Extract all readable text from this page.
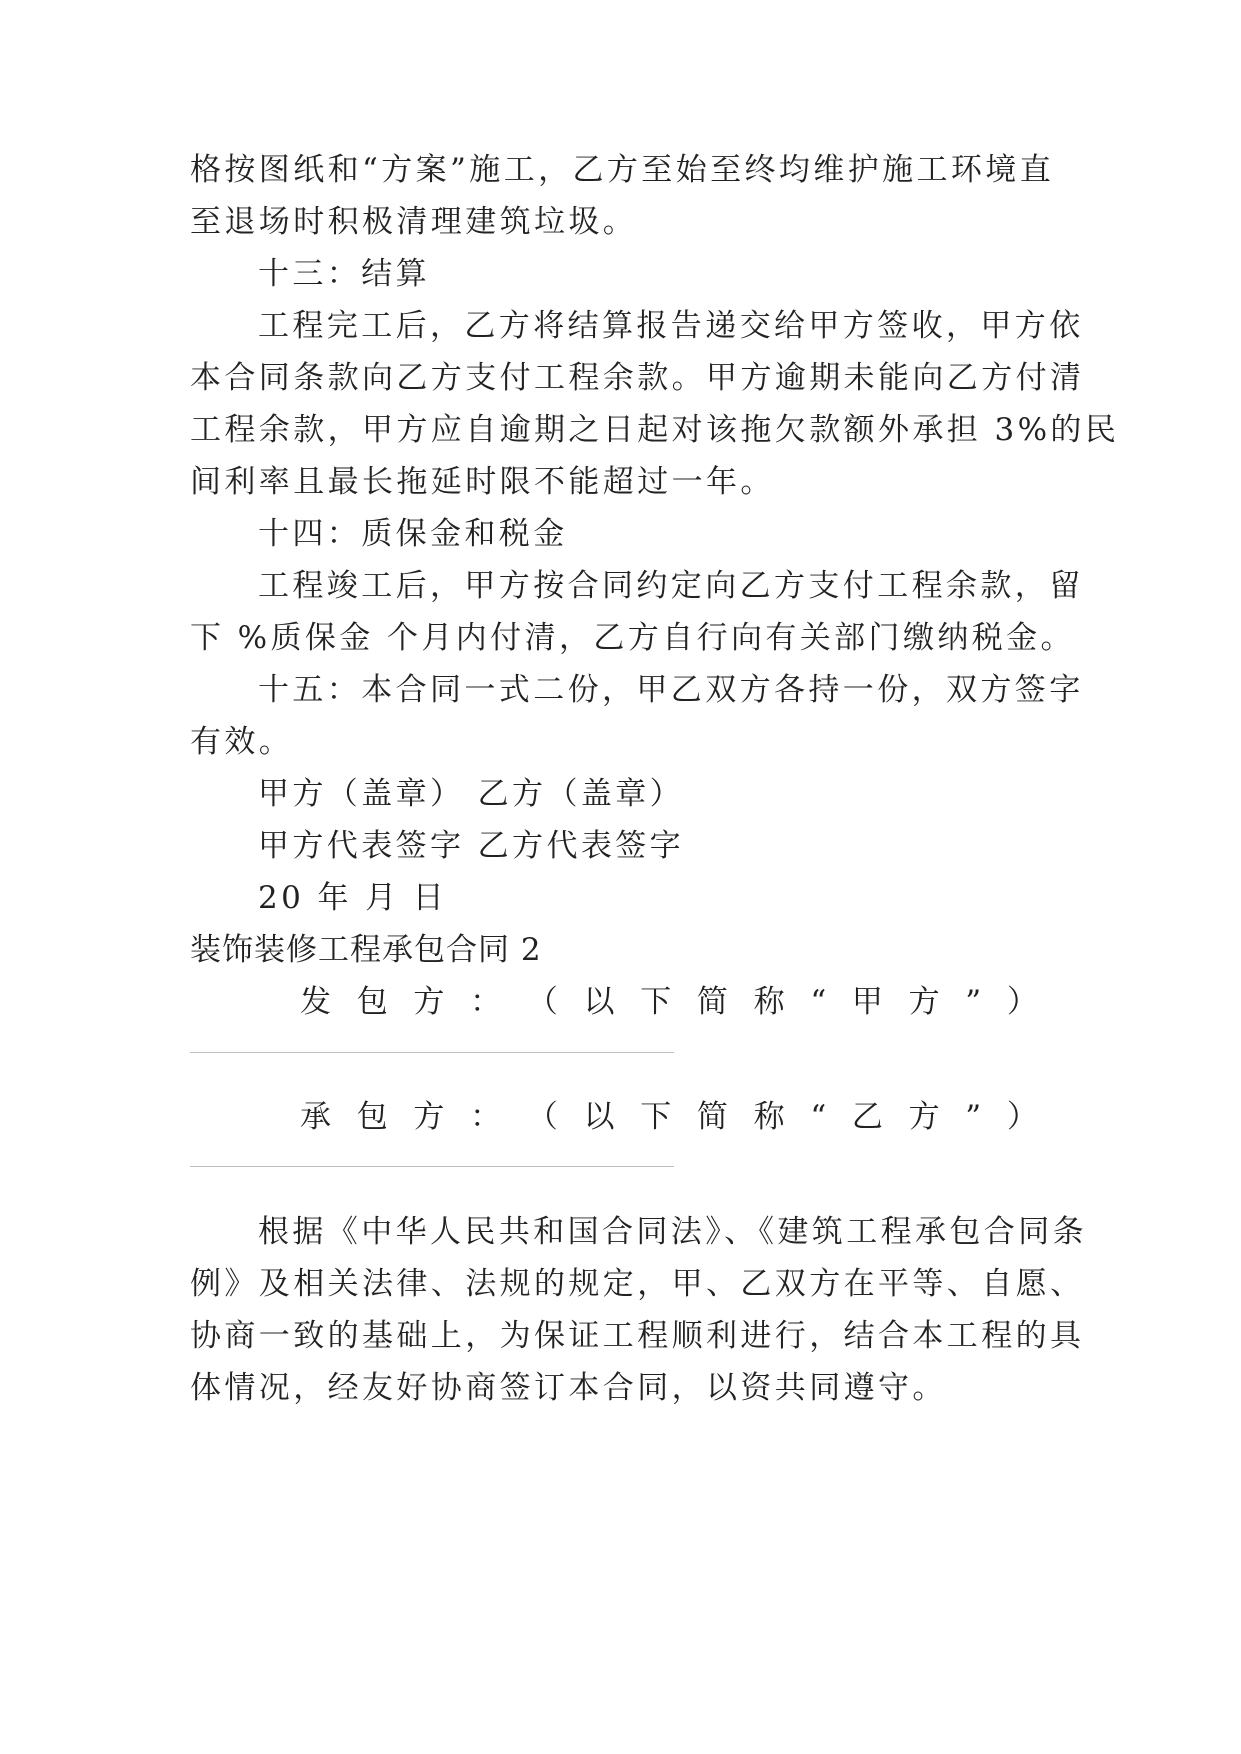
格按图纸和“方案”施工，乙方至始至终均维护施工环境直
至退场时积极清理建筑垃圾。
十三：结算
工程完工后，乙方将结算报告递交给甲方签收，甲方依
本合同条款向乙方支付工程余款。甲方逾期未能向乙方付清
工程余款，甲方应自逾期之日起对该拖欠款额外承担 3%的民
间利率且最长拖延时限不能超过一年。
十四：质保金和税金
工程竣工后，甲方按合同约定向乙方支付工程余款，留
下 %质保金 个月内付清，乙方自行向有关部门缴纳税金。
十五：本合同一式二份，甲乙双方各持一份，双方签字
有效。
甲方（盖章） 乙方（盖章）
甲方代表签字 乙方代表签字
20 年 月 日
装饰装修工程承包合同 2
发 包 方 ： （ 以 下 简 称 “ 甲 方 ” ）
承 包 方 ： （ 以 下 简 称 “ 乙 方 ” ）
根据《中华人民共和国合同法》、《建筑工程承包合同条
例》及相关法律、法规的规定，甲、乙双方在平等、自愿、
协商一致的基础上，为保证工程顺利进行，结合本工程的具
体情况，经友好协商签订本合同，以资共同遵守。
